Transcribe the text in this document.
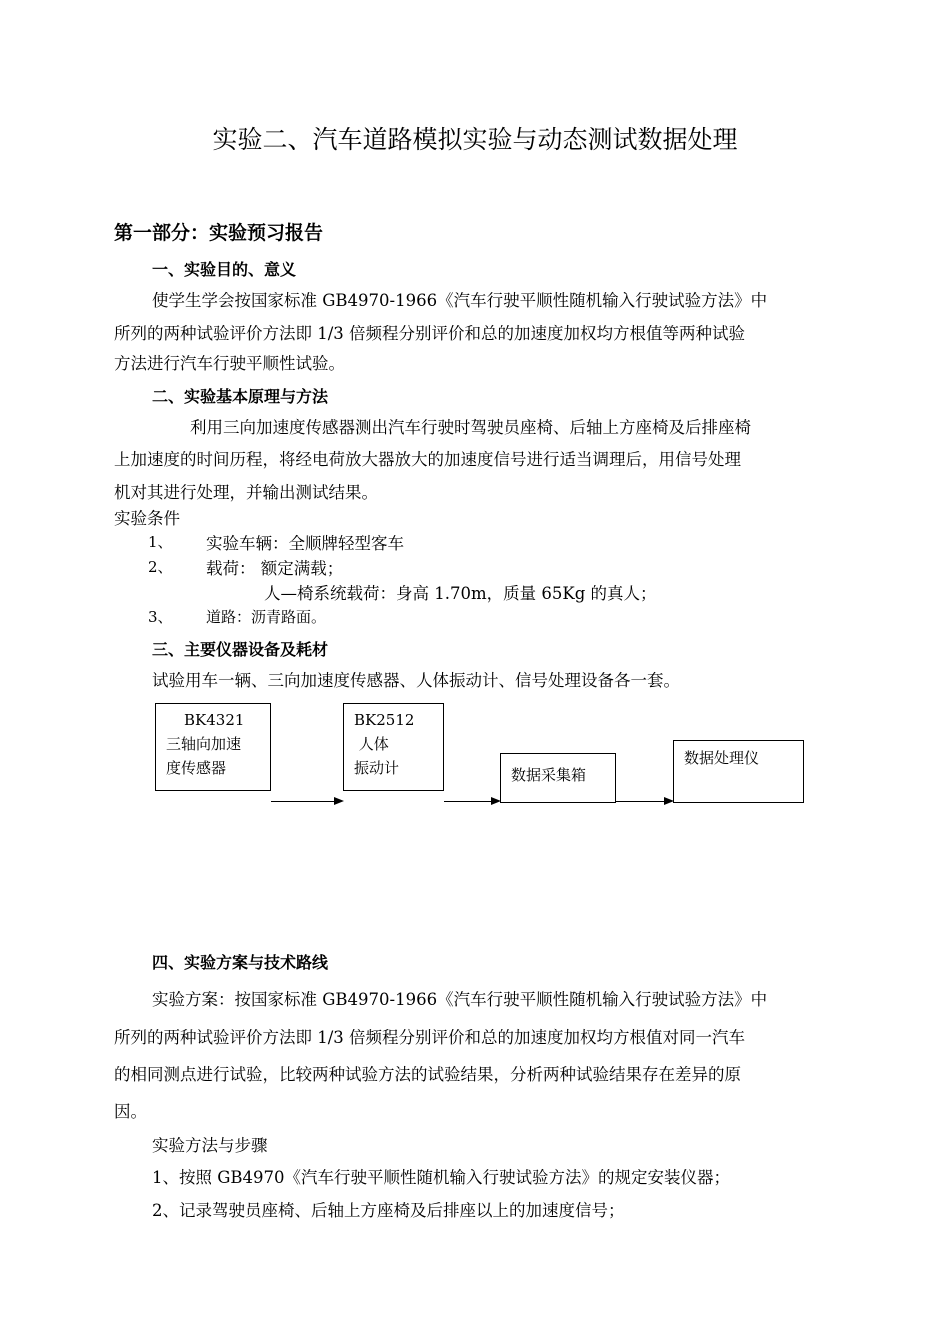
实验二、汽车道路模拟实验与动态测试数据处理
第一部分：实验预习报告
一、实验目的、意义
使学生学会按国家标准 GB4970-1966《汽车行驶平顺性随机输入行驶试验方法》中
所列的两种试验评价方法即 1/3 倍频程分别评价和总的加速度加权均方根值等两种试验
方法进行汽车行驶平顺性试验。
二、实验基本原理与方法
利用三向加速度传感器测出汽车行驶时驾驶员座椅、后轴上方座椅及后排座椅
上加速度的时间历程，将经电荷放大器放大的加速度信号进行适当调理后，用信号处理
机对其进行处理，并输出测试结果。
实验条件
1、 实验车辆：全顺牌轻型客车
2、 载荷： 额定满载；
人—椅系统载荷：身高 1.70m，质量 65Kg 的真人；
3、 道路：沥青路面。
三、主要仪器设备及耗材
试验用车一辆、三向加速度传感器、人体振动计、信号处理设备各一套。
BK4321
三轴向加速
度传感器
BK2512
人体
振动计	数据采集箱
数据处理仪
四、实验方案与技术路线
实验方案：按国家标准 GB4970-1966《汽车行驶平顺性随机输入行驶试验方法》中
所列的两种试验评价方法即 1/3 倍频程分别评价和总的加速度加权均方根值对同一汽车
的相同测点进行试验，比较两种试验方法的试验结果，分析两种试验结果存在差异的原
因。
实验方法与步骤
1、按照 GB4970《汽车行驶平顺性随机输入行驶试验方法》的规定安装仪器；
2、记录驾驶员座椅、后轴上方座椅及后排座以上的加速度信号；
